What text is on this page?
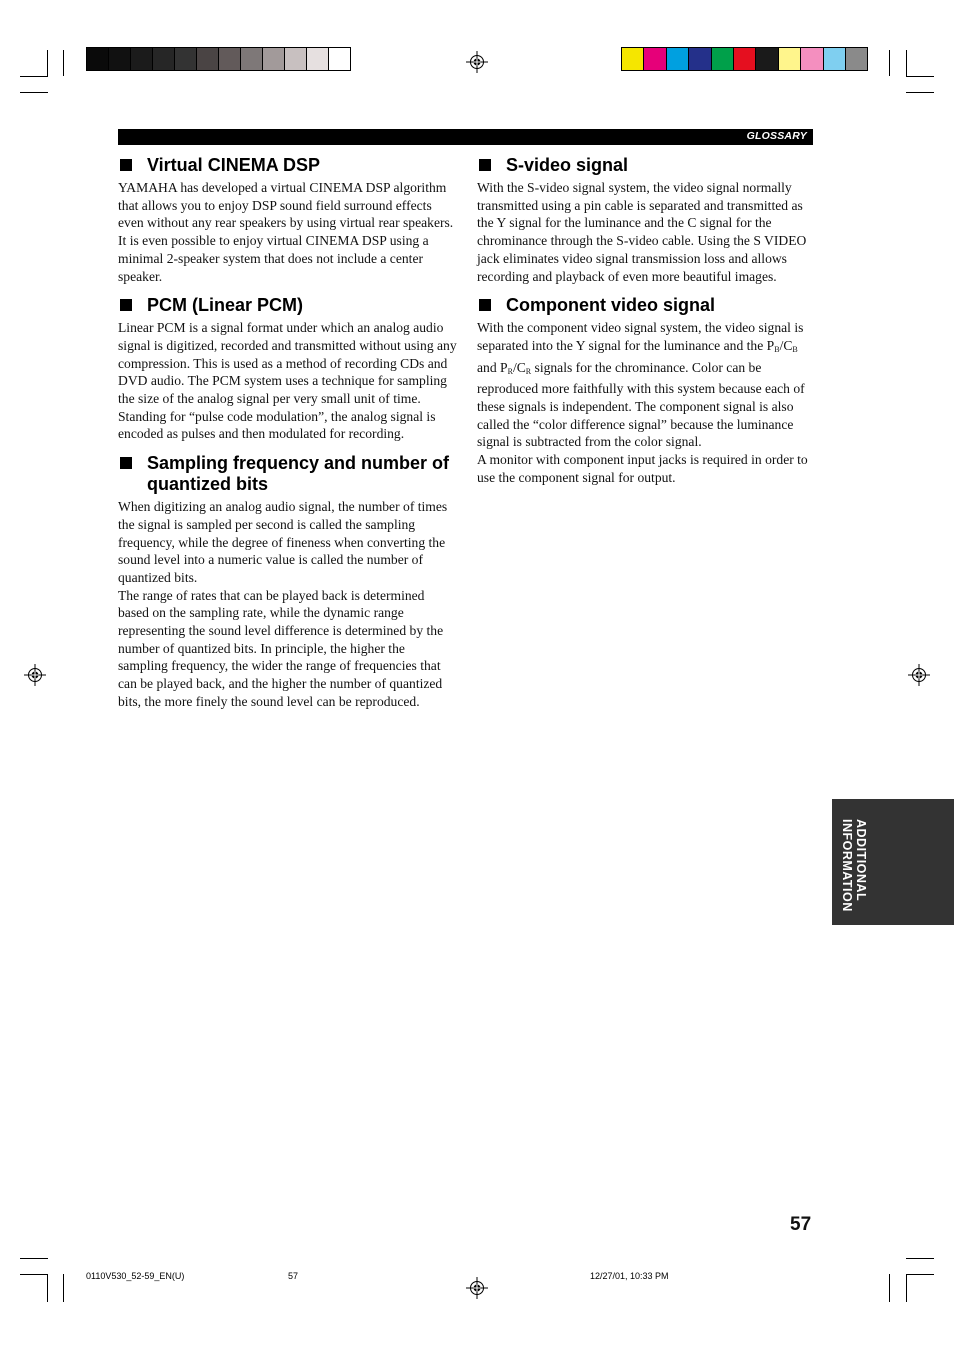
GLOSSARY
Virtual CINEMA DSP

YAMAHA has developed a virtual CINEMA DSP algorithm that allows you to enjoy DSP sound field surround effects even without any rear speakers by using virtual rear speakers.

It is even possible to enjoy virtual CINEMA DSP using a minimal 2-speaker system that does not include a center speaker.

PCM (Linear PCM)

Linear PCM is a signal format under which an analog audio signal is digitized, recorded and transmitted without using any compression. This is used as a method of recording CDs and DVD audio. The PCM system uses a technique for sampling the size of the analog signal per very small unit of time. Standing for “pulse code modulation”, the analog signal is encoded as pulses and then modulated for recording.

Sampling frequency and number of quantized bits

When digitizing an analog audio signal, the number of times the signal is sampled per second is called the sampling frequency, while the degree of fineness when converting the sound level into a numeric value is called the number of quantized bits.

The range of rates that can be played back is determined based on the sampling rate, while the dynamic range representing the sound level difference is determined by the number of quantized bits. In principle, the higher the sampling frequency, the wider the range of frequencies that can be played back, and the higher the number of quantized bits, the more finely the sound level can be reproduced.

S-video signal

With the S-video signal system, the video signal normally transmitted using a pin cable is separated and transmitted as the Y signal for the luminance and the C signal for the chrominance through the S-video cable. Using the S VIDEO jack eliminates video signal transmission loss and allows recording and playback of even more beautiful images.

Component video signal

With the component video signal system, the video signal is separated into the Y signal for the luminance and the $P_B/C_B$ and $P_R/C_R$ signals for the chrominance. Color can be reproduced more faithfully with this system because each of these signals is independent. The component signal is also called the “color difference signal” because the luminance signal is subtracted from the color signal.

A monitor with component input jacks is required in order to use the component signal for output.

ADDITIONAL
INFORMATION
57
0110V530_52-59_EN(U)	57	12/27/01, 10:33 PM
